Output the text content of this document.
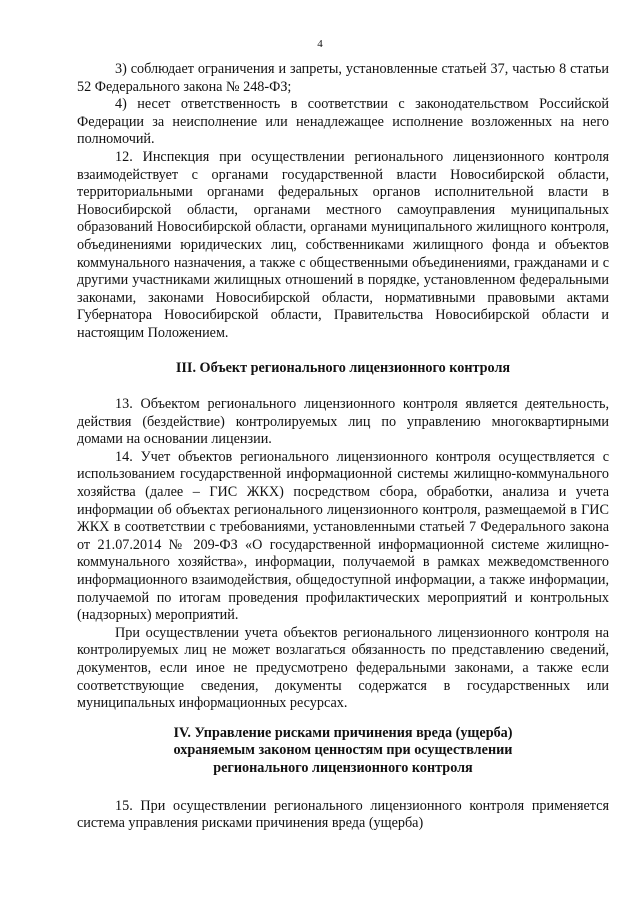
4

3) соблюдает ограничения и запреты, установленные статьей 37, частью 8 статьи 52 Федерального закона № 248-ФЗ;

4) несет ответственность в соответствии с законодательством Российской Федерации за неисполнение или ненадлежащее исполнение возложенных на него полномочий.

12. Инспекция при осуществлении регионального лицензионного контроля взаимодействует с органами государственной власти Новосибирской области, территориальными органами федеральных органов исполнительной власти в Новосибирской области, органами местного самоуправления муниципальных образований Новосибирской области, органами муниципального жилищного контроля, объединениями юридических лиц, собственниками жилищного фонда и объектов коммунального назначения, а также с общественными объединениями, гражданами и с другими участниками жилищных отношений в порядке, установленном федеральными законами, законами Новосибирской области, нормативными правовыми актами Губернатора Новосибирской области, Правительства Новосибирской области и настоящим Положением.

III. Объект регионального лицензионного контроля

13. Объектом регионального лицензионного контроля является деятельность, действия (бездействие) контролируемых лиц по управлению многоквартирными домами на основании лицензии.

14. Учет объектов регионального лицензионного контроля осуществляется с использованием государственной информационной системы жилищно-коммунального хозяйства (далее – ГИС ЖКХ) посредством сбора, обработки, анализа и учета информации об объектах регионального лицензионного контроля, размещаемой в ГИС ЖКХ в соответствии с требованиями, установленными статьей 7 Федерального закона от 21.07.2014 № 209-ФЗ «О государственной информационной системе жилищно-коммунального хозяйства», информации, получаемой в рамках межведомственного информационного взаимодействия, общедоступной информации, а также информации, получаемой по итогам проведения профилактических мероприятий и контрольных (надзорных) мероприятий.

При осуществлении учета объектов регионального лицензионного контроля на контролируемых лиц не может возлагаться обязанность по представлению сведений, документов, если иное не предусмотрено федеральными законами, а также если соответствующие сведения, документы содержатся в государственных или муниципальных информационных ресурсах.

IV. Управление рисками причинения вреда (ущерба)
охраняемым законом ценностям при осуществлении
регионального лицензионного контроля

15. При осуществлении регионального лицензионного контроля применяется система управления рисками причинения вреда (ущерба)
